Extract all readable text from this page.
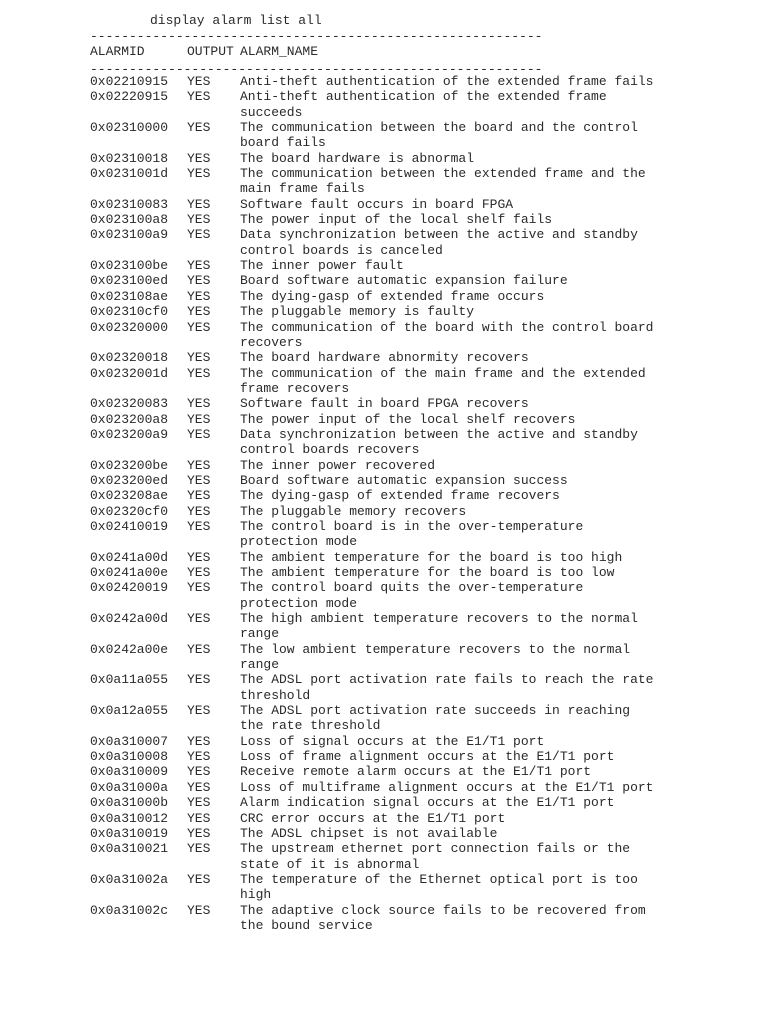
display alarm list all
----------------------------------------------------------
ALARMID	OUTPUT ALARM_NAME
----------------------------------------------------------
0x02210915 YES Anti-theft authentication of the extended frame fails
0x02220915 YES Anti-theft authentication of the extended frame succeeds
0x02310000 YES The communication between the board and the control board fails
0x02310018 YES The board hardware is abnormal
0x0231001d YES The communication between the extended frame and the main frame fails
0x02310083 YES Software fault occurs in board FPGA
0x023100a8 YES The power input of the local shelf fails
0x023100a9 YES Data synchronization between the active and standby control boards is canceled
0x023100be YES The inner power fault
0x023100ed YES Board software automatic expansion failure
0x023108ae YES The dying-gasp of extended frame occurs
0x02310cf0 YES The pluggable memory is faulty
0x02320000 YES The communication of the board with the control board recovers
0x02320018 YES The board hardware abnormity recovers
0x0232001d YES The communication of the main frame and the extended frame recovers
0x02320083 YES Software fault in board FPGA recovers
0x023200a8 YES The power input of the local shelf recovers
0x023200a9 YES Data synchronization between the active and standby control boards recovers
0x023200be YES The inner power recovered
0x023200ed YES Board software automatic expansion success
0x023208ae YES The dying-gasp of extended frame recovers
0x02320cf0 YES The pluggable memory recovers
0x02410019 YES The control board is in the over-temperature protection mode
0x0241a00d YES The ambient temperature for the board is too high
0x0241a00e YES The ambient temperature for the board is too low
0x02420019 YES The control board quits the over-temperature protection mode
0x0242a00d YES The high ambient temperature recovers to the normal range
0x0242a00e YES The low ambient temperature recovers to the normal range
0x0a11a055 YES The ADSL port activation rate fails to reach the rate threshold
0x0a12a055 YES The ADSL port activation rate succeeds in reaching the rate threshold
0x0a310007 YES Loss of signal occurs at the E1/T1 port
0x0a310008 YES Loss of frame alignment occurs at the E1/T1 port
0x0a310009 YES Receive remote alarm occurs at the E1/T1 port
0x0a31000a YES Loss of multiframe alignment occurs at the E1/T1 port
0x0a31000b YES Alarm indication signal occurs at the E1/T1 port
0x0a310012 YES CRC error occurs at the E1/T1 port
0x0a310019 YES The ADSL chipset is not available
0x0a310021 YES The upstream ethernet port connection fails or the state of it is abnormal
0x0a31002a YES The temperature of the Ethernet optical port is too high
0x0a31002c YES The adaptive clock source fails to be recovered from the bound service
